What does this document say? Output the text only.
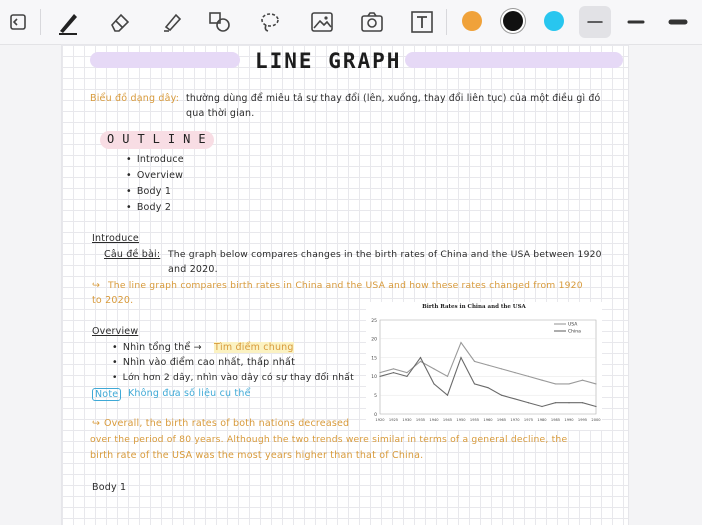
LINE GRAPH
Biểu đồ dạng dây: thường dùng để miêu tả sự thay đổi (lên, xuống, thay đổi liên tục) của một điều gì đó
qua thời gian.
OUTLINE
• Introduce
• Overview
• Body 1
• Body 2
Introduce
Câu đề bài: The graph below compares changes in the birth rates of China and the USA between 1920
and 2020.
↪ The line graph compares birth rates in China and the USA and how these rates changed from 1920
to 2020.
Overview
• Nhìn tổng thể → Tìm điểm chung
• Nhìn vào điểm cao nhất, thấp nhất
• Lớn hơn 2 dây, nhìn vào dây có sự thay đổi nhất
Note	Không đưa số liệu cụ thể
↪ Overall, the birth rates of both nations decreased
over the period of 80 years. Although the two trends were similar in terms of a general decline, the
birth rate of the USA was the most years higher than that of China.
Body 1
Birth Rates in China and the USA
0
5
10
15
20
25
1920 1925 1930 1935 1940 1945 1950 1955 1960 1965 1970 1975 1980 1985 1990 1995 2000
USA
China
